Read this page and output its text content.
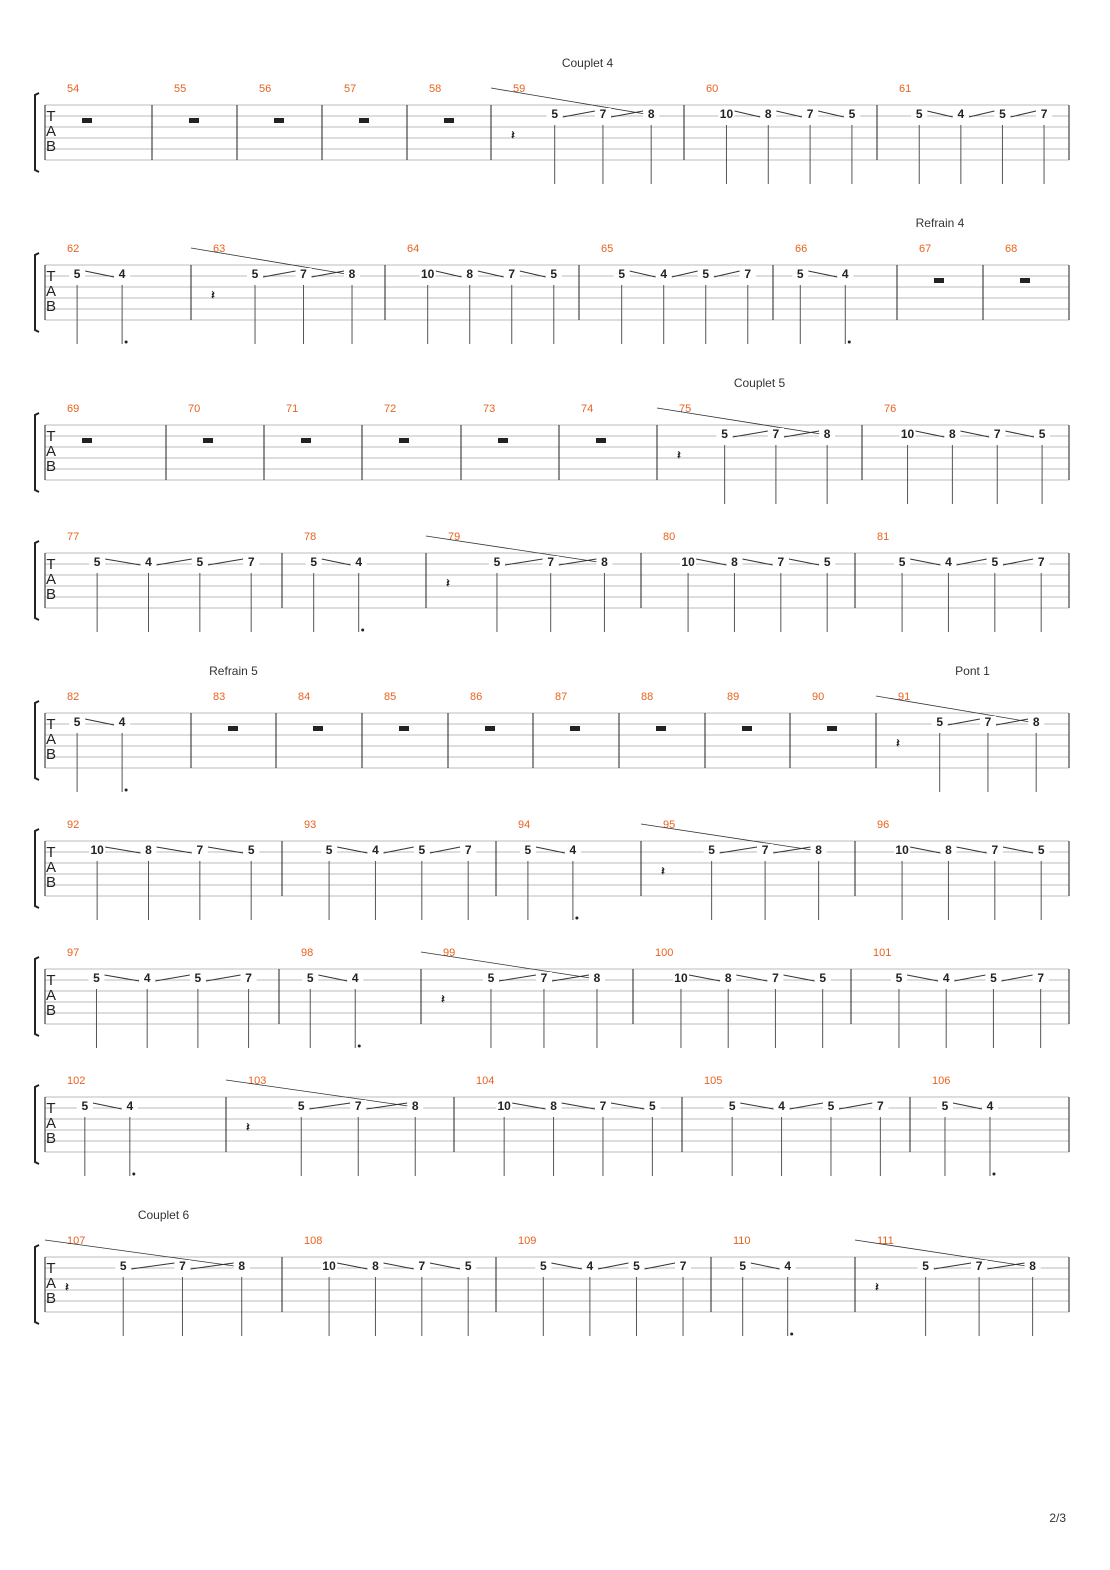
T
A
B
Couplet 4
54	55	56	57	58	59
𝄽
5	7	8
60
10	8	7	5
61
5	4	5	7
T
A
B
Refrain 4
62
5	4
63
𝄽
5	7	8
64
10	8	7	5
65
5	4	5	7
66
5	4
67	68
T
A
B
Couplet 5
69	70	71	72	73	74	75
𝄽
5	7	8
76
10	8	7	5
T
A
B
77
5	4	5	7
78
5	4
79
𝄽
5	7	8
80
10	8	7	5
81
5	4	5	7
T
A
B
Refrain 5	Pont 1
82
5	4
83	84	85	86	87	88	89	90	91
𝄽
5	7	8
T
A
B
92
10	8	7	5
93
5	4	5	7
94
5	4
95
𝄽
5	7	8
96
10	8	7	5
T
A
B
97
5	4	5	7
98
5	4
99
𝄽
5	7	8
100
10	8	7	5
101
5	4	5	7
T
A
B
102
5	4
103
𝄽
5	7	8
104
10	8	7	5
105
5	4	5	7
106
5	4
T
A
B
Couplet 6
107
𝄽
5	7	8
108
10	8	7	5
109
5	4	5	7
110
5	4
111
𝄽
5	7	8
2/3
